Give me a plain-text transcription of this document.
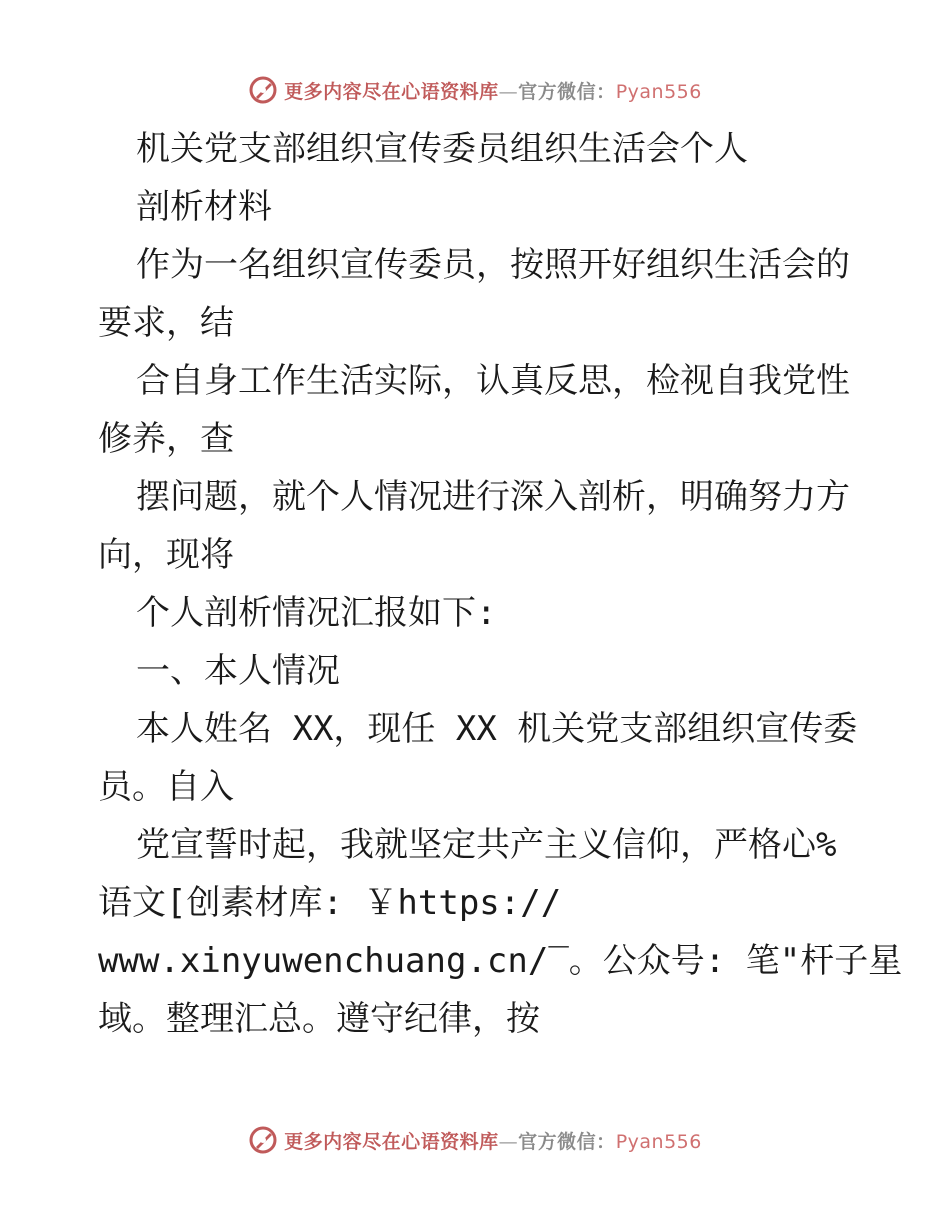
更多内容尽在心语资料库—官方微信：Pyan556
机关党支部组织宣传委员组织生活会个人
剖析材料
作为一名组织宣传委员，按照开好组织生活会的
要求，结
合自身工作生活实际，认真反思，检视自我党性
修养，查
摆问题，就个人情况进行深入剖析，明确努力方
向，现将
个人剖析情况汇报如下:
一、本人情况
本人姓名 XX，现任 XX 机关党支部组织宣传委
员。自入
党宣誓时起，我就坚定共产主义信仰，严格心%
语文[创素材库: ￥https://
www.xinyuwenchuang.cn/‾。公众号: 笔"杆子星
域。整理汇总。遵守纪律，按
更多内容尽在心语资料库—官方微信：Pyan556
